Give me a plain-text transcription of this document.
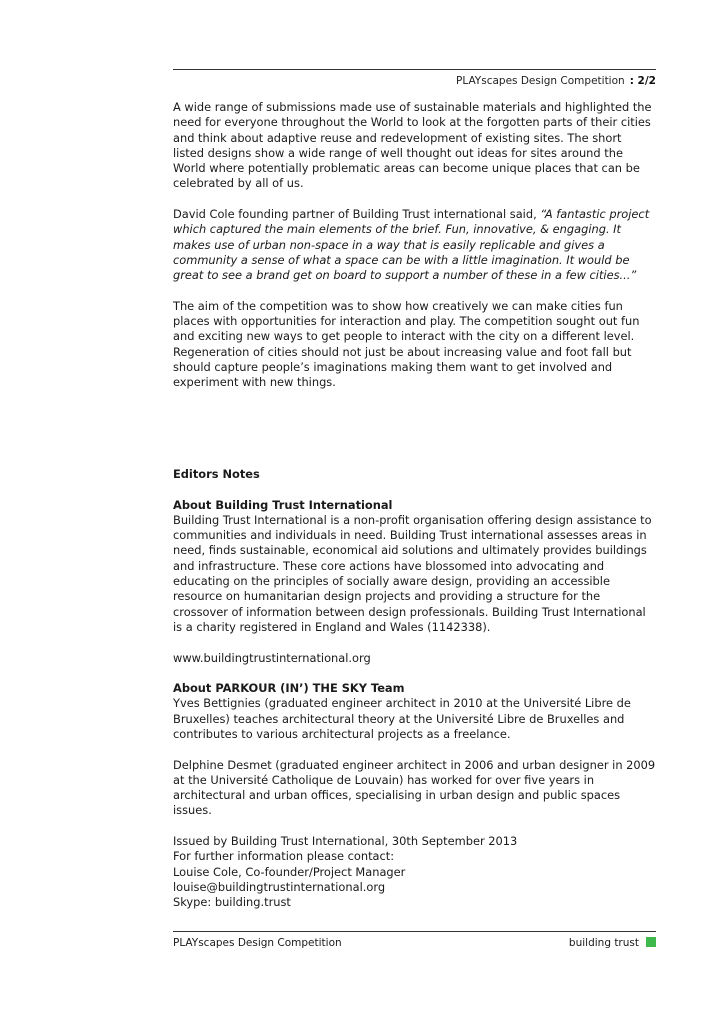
PLAYscapes Design Competition : 2/2

A wide range of submissions made use of sustainable materials and highlighted the need for everyone throughout the World to look at the forgotten parts of their cities and think about adaptive reuse and redevelopment of existing sites. The short listed designs show a wide range of well thought out ideas for sites around the World where potentially problematic areas can become unique places that can be celebrated by all of us.

David Cole founding partner of Building Trust international said, “A fantastic project which captured the main elements of the brief. Fun, innovative, & engaging. It makes use of urban non-space in a way that is easily replicable and gives a community a sense of what a space can be with a little imagination. It would be great to see a brand get on board to support a number of these in a few cities...”

The aim of the competition was to show how creatively we can make cities fun places with opportunities for interaction and play. The competition sought out fun and exciting new ways to get people to interact with the city on a different level. Regeneration of cities should not just be about increasing value and foot fall but should capture people’s imaginations making them want to get involved and experiment with new things.

Editors Notes

About Building Trust International

Building Trust International is a non-profit organisation offering design assistance to communities and individuals in need. Building Trust international assesses areas in need, finds sustainable, economical aid solutions and ultimately provides buildings and infrastructure. These core actions have blossomed into advocating and educating on the principles of socially aware design, providing an accessible resource on humanitarian design projects and providing a structure for the crossover of information between design professionals. Building Trust International is a charity registered in England and Wales (1142338).

www.buildingtrustinternational.org

About PARKOUR (IN’) THE SKY Team

Yves Bettignies (graduated engineer architect in 2010 at the Université Libre de Bruxelles) teaches architectural theory at the Université Libre de Bruxelles and contributes to various architectural projects as a freelance.

Delphine Desmet (graduated engineer architect in 2006 and urban designer in 2009 at the Université Catholique de Louvain) has worked for over five years in architectural and urban offices, specialising in urban design and public spaces issues.

Issued by Building Trust International, 30th September 2013

For further information please contact:

Louise Cole, Co-founder/Project Manager

louise@buildingtrustinternational.org

Skype: building.trust

PLAYscapes Design Competition	building trust
